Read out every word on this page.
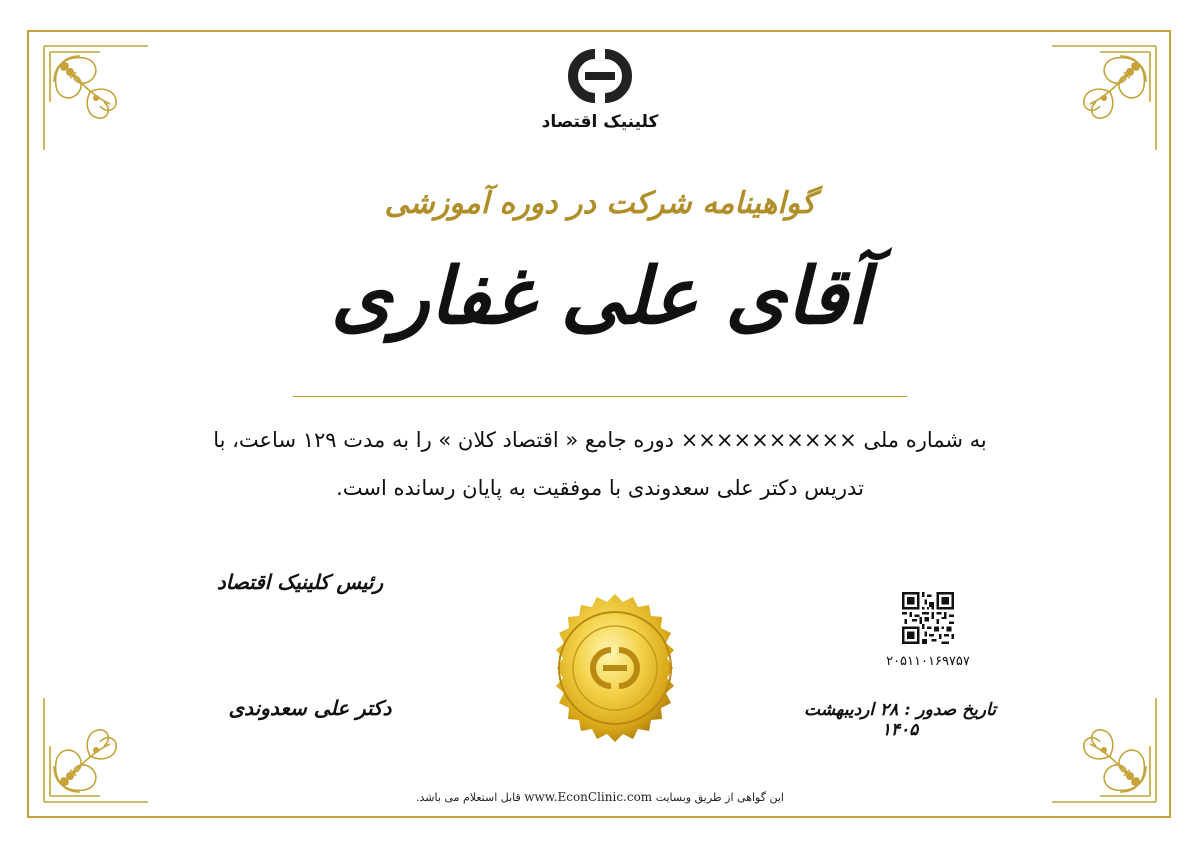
کلینیک اقتصاد
گواهینامه شرکت در دوره آموزشی
آقای علی غفاری
به شماره ملی ×××××××××× دوره جامع « اقتصاد کلان » را به مدت ۱۲۹ ساعت، با
تدریس دکتر علی سعدوندی با موفقیت به پایان رسانده است.
رئیس کلینیک اقتصاد
دکتر علی سعدوندی
۲۰۵۱۱۰۱۶۹۷۵۷
تاریخ صدور : ۲۸ اردیبهشت ۱۴۰۵
این گواهی از طریق وبسایت www.EconClinic.com قابل استعلام می باشد.
